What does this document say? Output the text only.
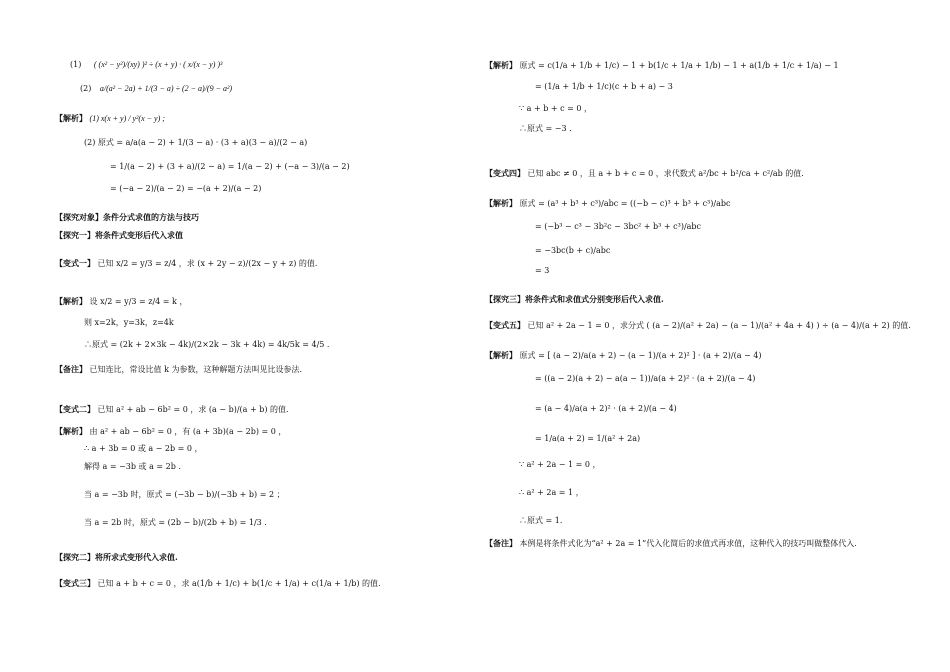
(1) ( (x² − y²)/(xy) )² ÷ (x + y) · ( x/(x − y) )³
(2) a/(a² − 2a) + 1/(3 − a) ÷ (2 − a)/(9 − a²)
【解析】 (1) x(x + y) / y²(x − y) ;
(2) 原式 = a/a(a − 2) + 1/(3 − a) · (3 + a)(3 − a)/(2 − a)
= 1/(a − 2) + (3 + a)/(2 − a) = 1/(a − 2) + (−a − 3)/(a − 2)
= (−a − 2)/(a − 2) = −(a + 2)/(a − 2)
【探究对象】条件分式求值的方法与技巧
【探究一】将条件式变形后代入求值
【变式一】 已知 x/2 = y/3 = z/4 ，求 (x + 2y − z)/(2x − y + z) 的值.
【解析】 设 x/2 = y/3 = z/4 = k ，
则 x=2k，y=3k，z=4k
∴原式 = (2k + 2×3k − 4k)/(2×2k − 3k + 4k) = 4k/5k = 4/5 .
【备注】 已知连比，常设比值 k 为参数，这种解题方法叫见比设参法.
【变式二】 已知 a² + ab − 6b² = 0 ，求 (a − b)/(a + b) 的值.
【解析】 由 a² + ab − 6b² = 0 ，有 (a + 3b)(a − 2b) = 0 ，
∴ a + 3b = 0 或 a − 2b = 0 ，
解得 a = −3b 或 a = 2b .
当 a = −3b 时，原式 = (−3b − b)/(−3b + b) = 2 ；
当 a = 2b 时，原式 = (2b − b)/(2b + b) = 1/3 .
【探究二】将所求式变形代入求值.
【变式三】 已知 a + b + c = 0 ，求 a(1/b + 1/c) + b(1/c + 1/a) + c(1/a + 1/b) 的值.
【解析】 原式 = c(1/a + 1/b + 1/c) − 1 + b(1/c + 1/a + 1/b) − 1 + a(1/b + 1/c + 1/a) − 1
= (1/a + 1/b + 1/c)(c + b + a) − 3
∵ a + b + c = 0 ，
∴原式 = −3 .
【变式四】 已知 abc ≠ 0 ，且 a + b + c = 0 ，求代数式 a²/bc + b²/ca + c²/ab 的值.
【解析】 原式 = (a³ + b³ + c³)/abc = ((−b − c)³ + b³ + c³)/abc
= (−b³ − c³ − 3b²c − 3bc² + b³ + c³)/abc
= −3bc(b + c)/abc
= 3
【探究三】将条件式和求值式分别变形后代入求值.
【变式五】 已知 a² + 2a − 1 = 0 ，求分式 ( (a − 2)/(a² + 2a) − (a − 1)/(a² + 4a + 4) ) ÷ (a − 4)/(a + 2) 的值.
【解析】 原式 = [ (a − 2)/a(a + 2) − (a − 1)/(a + 2)² ] · (a + 2)/(a − 4)
= ((a − 2)(a + 2) − a(a − 1))/a(a + 2)² · (a + 2)/(a − 4)
= (a − 4)/a(a + 2)² · (a + 2)/(a − 4)
= 1/a(a + 2) = 1/(a² + 2a)
∵ a² + 2a − 1 = 0 ，
∴ a² + 2a = 1 ，
∴原式 = 1.
【备注】 本例是将条件式化为“a² + 2a = 1”代入化简后的求值式再求值，这种代入的技巧叫做整体代入.
